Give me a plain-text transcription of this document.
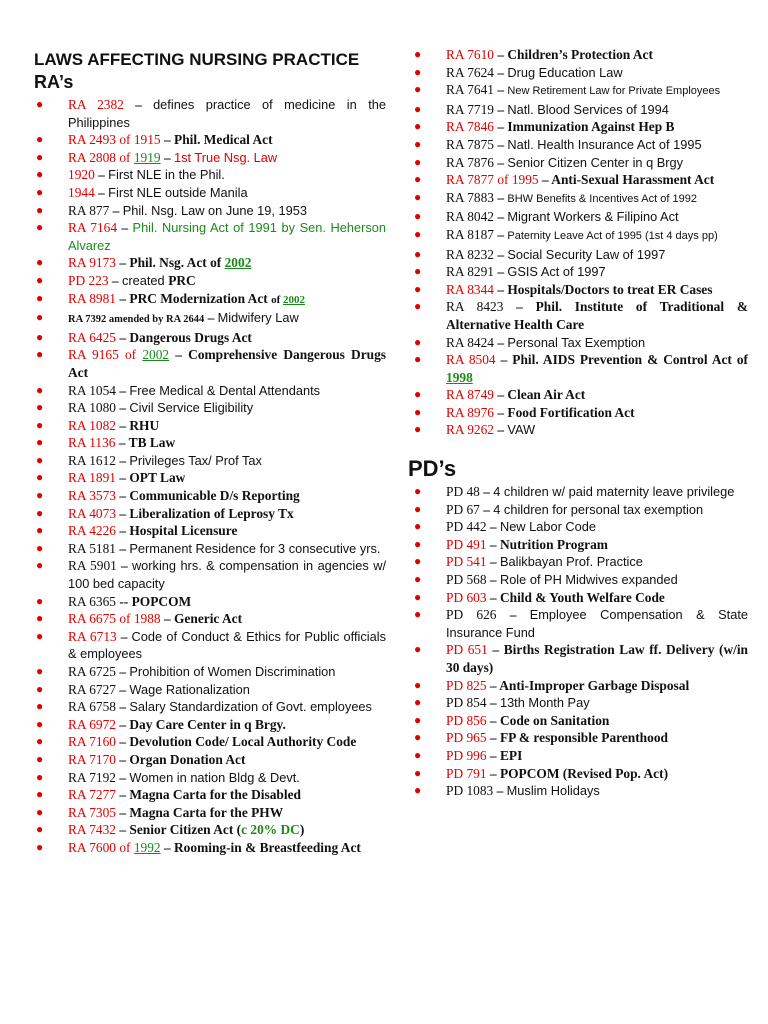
LAWS AFFECTING NURSING PRACTICE
RA’s
● RA 2382 – defines practice of medicine in the Philippines
● RA 2493 of 1915 – Phil. Medical Act
● RA 2808 of 1919 – 1st True Nsg. Law
● 1920 – First NLE in the Phil.
● 1944 – First NLE outside Manila
● RA 877 – Phil. Nsg. Law on June 19, 1953
● RA 7164 – Phil. Nursing Act of 1991 by Sen. Heherson Alvarez
● RA 9173 – Phil. Nsg. Act of 2002
● PD 223 – created PRC
● RA 8981 – PRC Modernization Act of 2002
● RA 7392 amended by RA 2644 – Midwifery Law
● RA 6425 – Dangerous Drugs Act
● RA 9165 of 2002 – Comprehensive Dangerous Drugs Act
● RA 1054 – Free Medical & Dental Attendants
● RA 1080 – Civil Service Eligibility
● RA 1082 – RHU
● RA 1136 – TB Law
● RA 1612 – Privileges Tax/ Prof Tax
● RA 1891 – OPT Law
● RA 3573 – Communicable D/s Reporting
● RA 4073 – Liberalization of Leprosy Tx
● RA 4226 – Hospital Licensure
● RA 5181 – Permanent Residence for 3 consecutive yrs.
● RA 5901 – working hrs. & compensation in agencies w/ 100 bed capacity
● RA 6365 -- POPCOM
● RA 6675 of 1988 – Generic Act
● RA 6713 – Code of Conduct & Ethics for Public officials & employees
● RA 6725 – Prohibition of Women Discrimination
● RA 6727 – Wage Rationalization
● RA 6758 – Salary Standardization of Govt. employees
● RA 6972 – Day Care Center in q Brgy.
● RA 7160 – Devolution Code/ Local Authority Code
● RA 7170 – Organ Donation Act
● RA 7192 – Women in nation Bldg & Devt.
● RA 7277 – Magna Carta for the Disabled
● RA 7305 – Magna Carta for the PHW
● RA 7432 – Senior Citizen Act (c 20% DC)
● RA 7600 of 1992 – Rooming-in & Breastfeeding Act
● RA 7610 – Children’s Protection Act
● RA 7624 – Drug Education Law
● RA 7641 – New Retirement Law for Private Employees
● RA 7719 – Natl. Blood Services of 1994
● RA 7846 – Immunization Against Hep B
● RA 7875 – Natl. Health Insurance Act of 1995
● RA 7876 – Senior Citizen Center in q Brgy
● RA 7877 of 1995 – Anti-Sexual Harassment Act
● RA 7883 – BHW Benefits & Incentives Act of 1992
● RA 8042 – Migrant Workers & Filipino Act
● RA 8187 – Paternity Leave Act of 1995 (1st 4 days pp)
● RA 8232 – Social Security Law of 1997
● RA 8291 – GSIS Act of 1997
● RA 8344 – Hospitals/Doctors to treat ER Cases
● RA 8423 – Phil. Institute of Traditional & Alternative Health Care
● RA 8424 – Personal Tax Exemption
● RA 8504 – Phil. AIDS Prevention & Control Act of 1998
● RA 8749 – Clean Air Act
● RA 8976 – Food Fortification Act
● RA 9262 – VAW
PD’s
● PD 48 – 4 children w/ paid maternity leave privilege
● PD 67 – 4 children for personal tax exemption
● PD 442 – New Labor Code
● PD 491 – Nutrition Program
● PD 541 – Balikbayan Prof. Practice
● PD 568 – Role of PH Midwives expanded
● PD 603 – Child & Youth Welfare Code
● PD 626 – Employee Compensation & State Insurance Fund
● PD 651 – Births Registration Law ff. Delivery (w/in 30 days)
● PD 825 – Anti-Improper Garbage Disposal
● PD 854 – 13th Month Pay
● PD 856 – Code on Sanitation
● PD 965 – FP & responsible Parenthood
● PD 996 – EPI
● PD 791 – POPCOM (Revised Pop. Act)
● PD 1083 – Muslim Holidays
